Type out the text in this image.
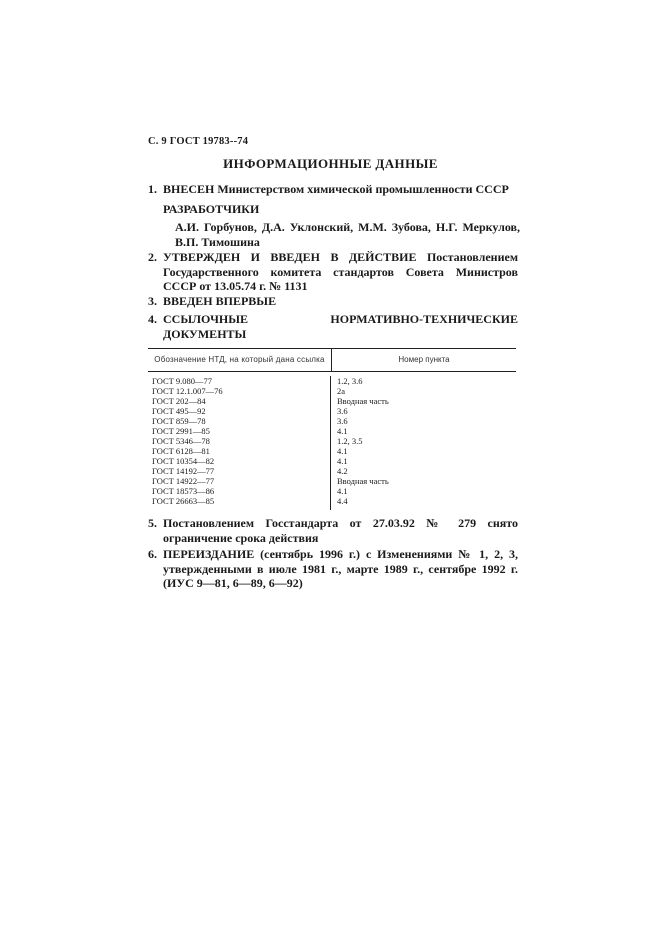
С. 9 ГОСТ 19783--74
ИНФОРМАЦИОННЫЕ ДАННЫЕ
1. ВНЕСЕН Министерством химической промышленности СССР
РАЗРАБОТЧИКИ
А.И. Горбунов, Д.А. Уклонский, М.М. Зубова, Н.Г. Меркулов, В.П. Тимошина
2. УТВЕРЖДЕН И ВВЕДЕН В ДЕЙСТВИЕ Постановлением Государственного комитета стандартов Совета Министров СССР от 13.05.74 г. № 1131
3. ВВЕДЕН ВПЕРВЫЕ
4. ССЫЛОЧНЫЕ НОРМАТИВНО-ТЕХНИЧЕСКИЕ ДОКУМЕНТЫ
Обозначение НТД, на который дана ссылка	Номер пункта
ГОСТ 9.080—77
ГОСТ 12.1.007—76
ГОСТ 202—84
ГОСТ 495—92
ГОСТ 859—78
ГОСТ 2991—85
ГОСТ 5346—78
ГОСТ 6128—81
ГОСТ 10354—82
ГОСТ 14192—77
ГОСТ 14922—77
ГОСТ 18573—86
ГОСТ 26663—85
1.2, 3.6
2а
Вводная часть
3.6
3.6
4.1
1.2, 3.5
4.1
4.1
4.2
Вводная часть
4.1
4.4
5. Постановлением Госстандарта от 27.03.92 № 279 снято ограничение срока действия
6. ПЕРЕИЗДАНИЕ (сентябрь 1996 г.) с Изменениями № 1, 2, 3, утвержденными в июле 1981 г., марте 1989 г., сентябре 1992 г. (ИУС 9—81, 6—89, 6—92)
